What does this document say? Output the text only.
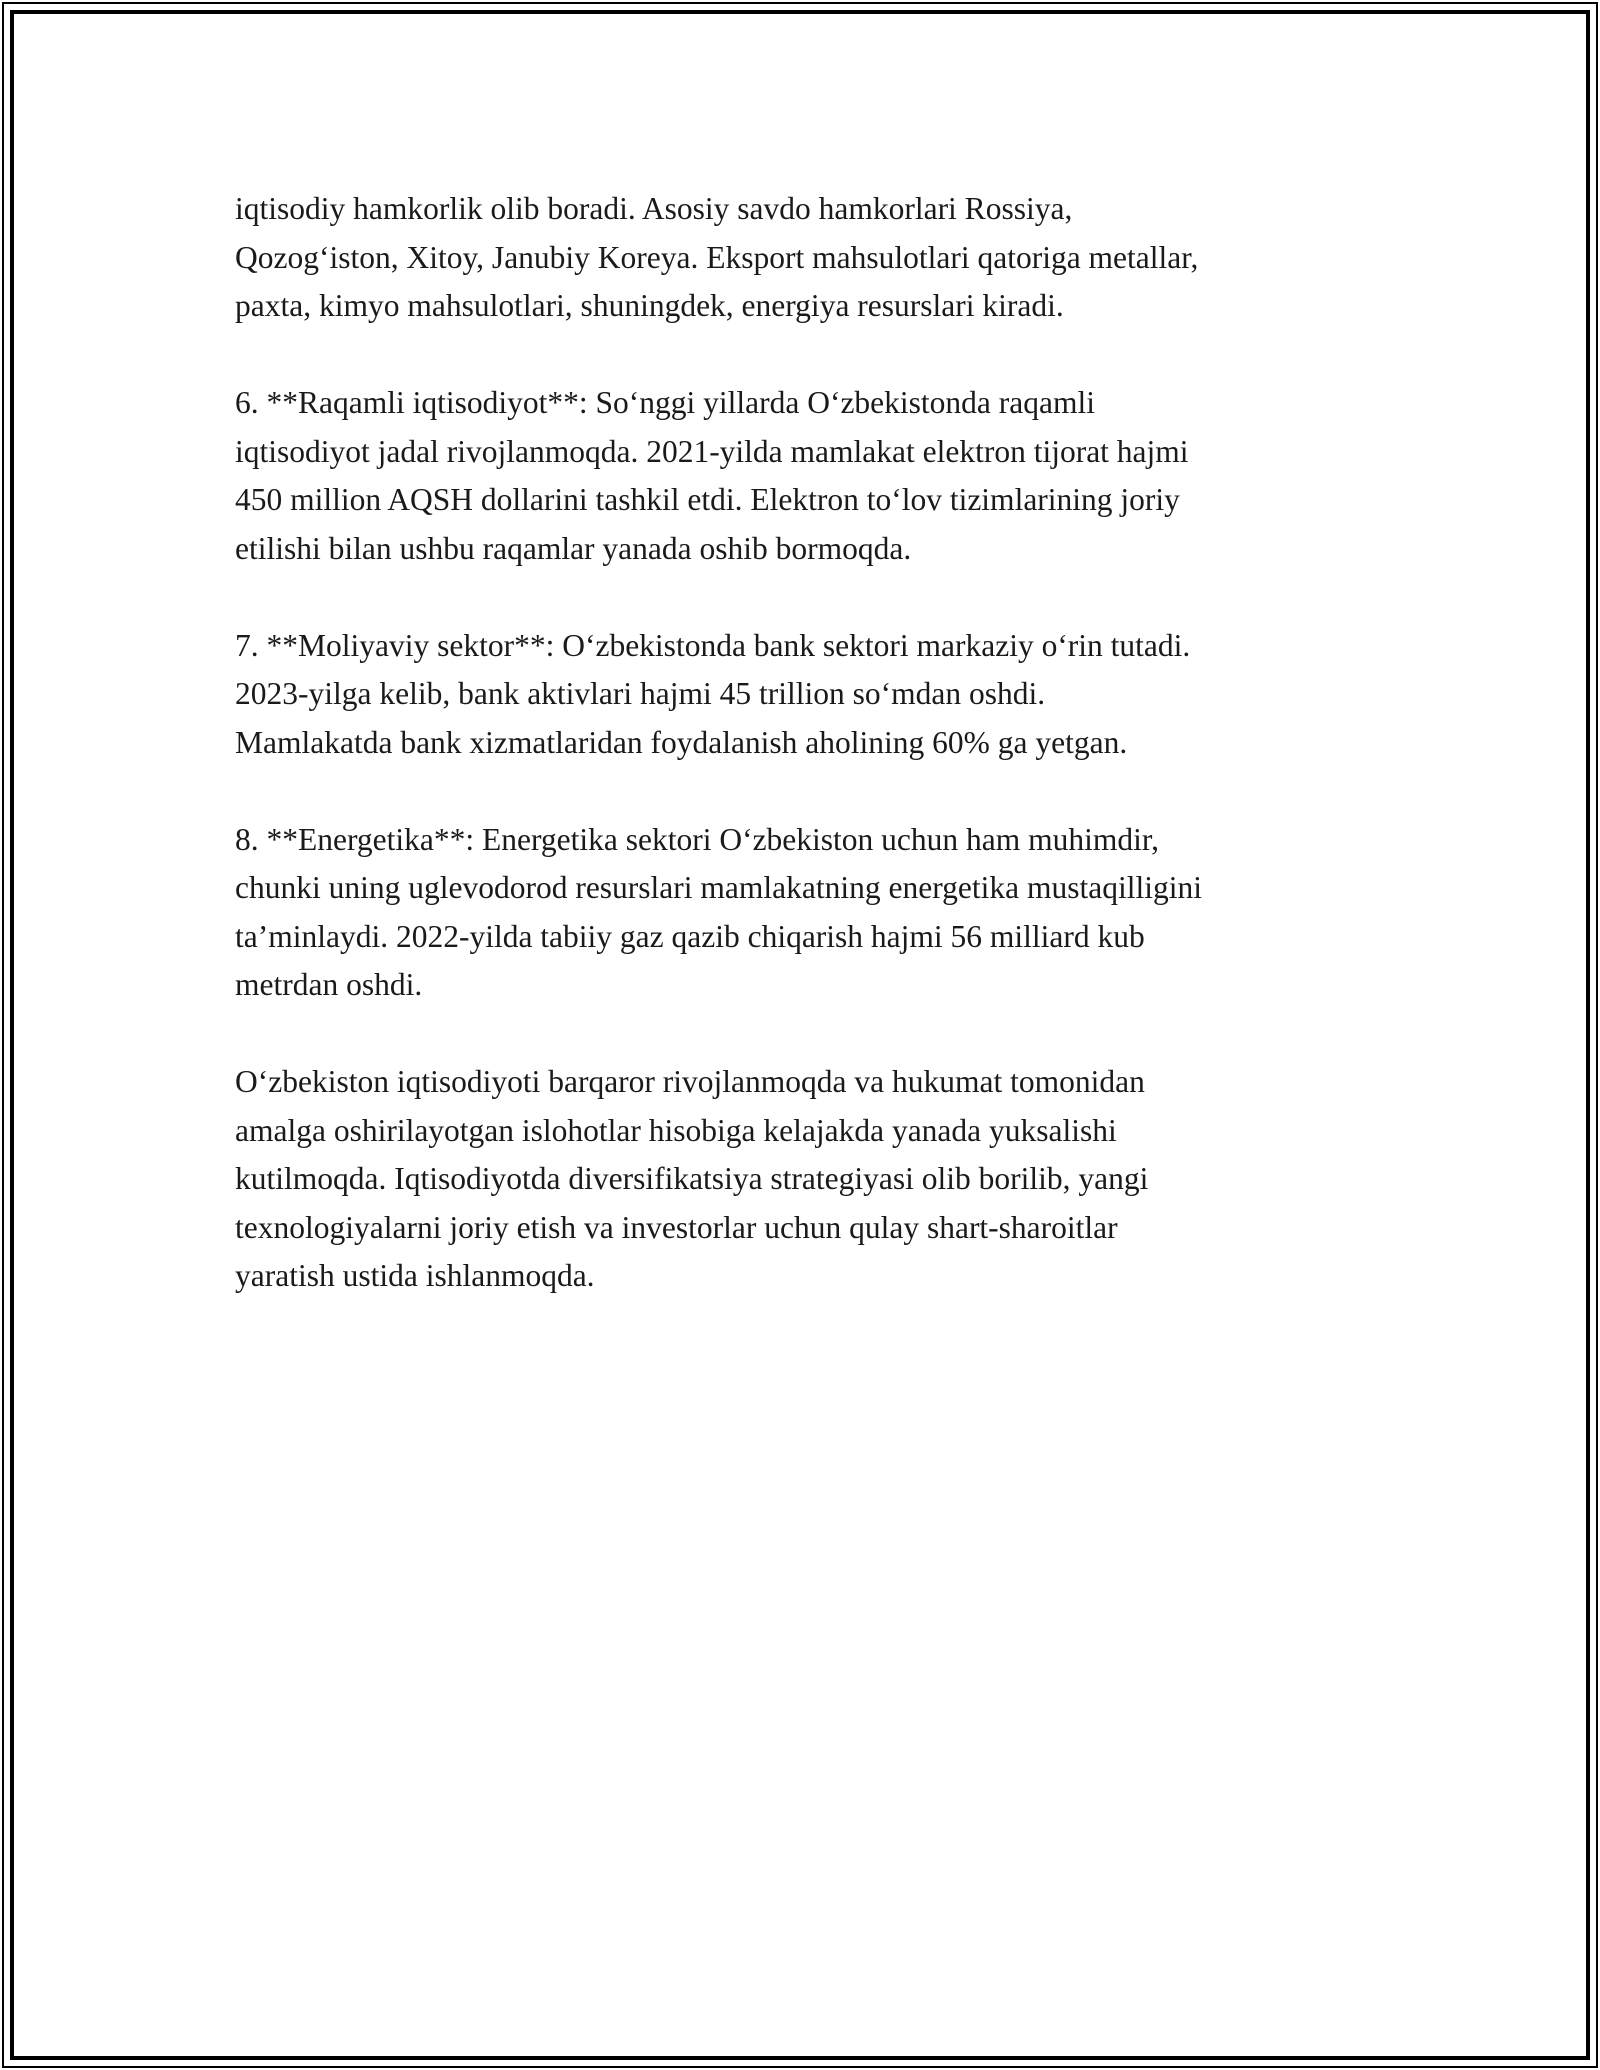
iqtisodiy hamkorlik olib boradi. Asosiy savdo hamkorlari Rossiya,
Qozog‘iston, Xitoy, Janubiy Koreya. Eksport mahsulotlari qatoriga metallar,
paxta, kimyo mahsulotlari, shuningdek, energiya resurslari kiradi.

6. **Raqamli iqtisodiyot**: So‘nggi yillarda O‘zbekistonda raqamli
iqtisodiyot jadal rivojlanmoqda. 2021-yilda mamlakat elektron tijorat hajmi
450 million AQSH dollarini tashkil etdi. Elektron to‘lov tizimlarining joriy
etilishi bilan ushbu raqamlar yanada oshib bormoqda.

7. **Moliyaviy sektor**: O‘zbekistonda bank sektori markaziy o‘rin tutadi.
2023-yilga kelib, bank aktivlari hajmi 45 trillion so‘mdan oshdi.
Mamlakatda bank xizmatlaridan foydalanish aholining 60% ga yetgan.

8. **Energetika**: Energetika sektori O‘zbekiston uchun ham muhimdir,
chunki uning uglevodorod resurslari mamlakatning energetika mustaqilligini
ta’minlaydi. 2022-yilda tabiiy gaz qazib chiqarish hajmi 56 milliard kub
metrdan oshdi.

O‘zbekiston iqtisodiyoti barqaror rivojlanmoqda va hukumat tomonidan
amalga oshirilayotgan islohotlar hisobiga kelajakda yanada yuksalishi
kutilmoqda. Iqtisodiyotda diversifikatsiya strategiyasi olib borilib, yangi
texnologiyalarni joriy etish va investorlar uchun qulay shart-sharoitlar
yaratish ustida ishlanmoqda.
